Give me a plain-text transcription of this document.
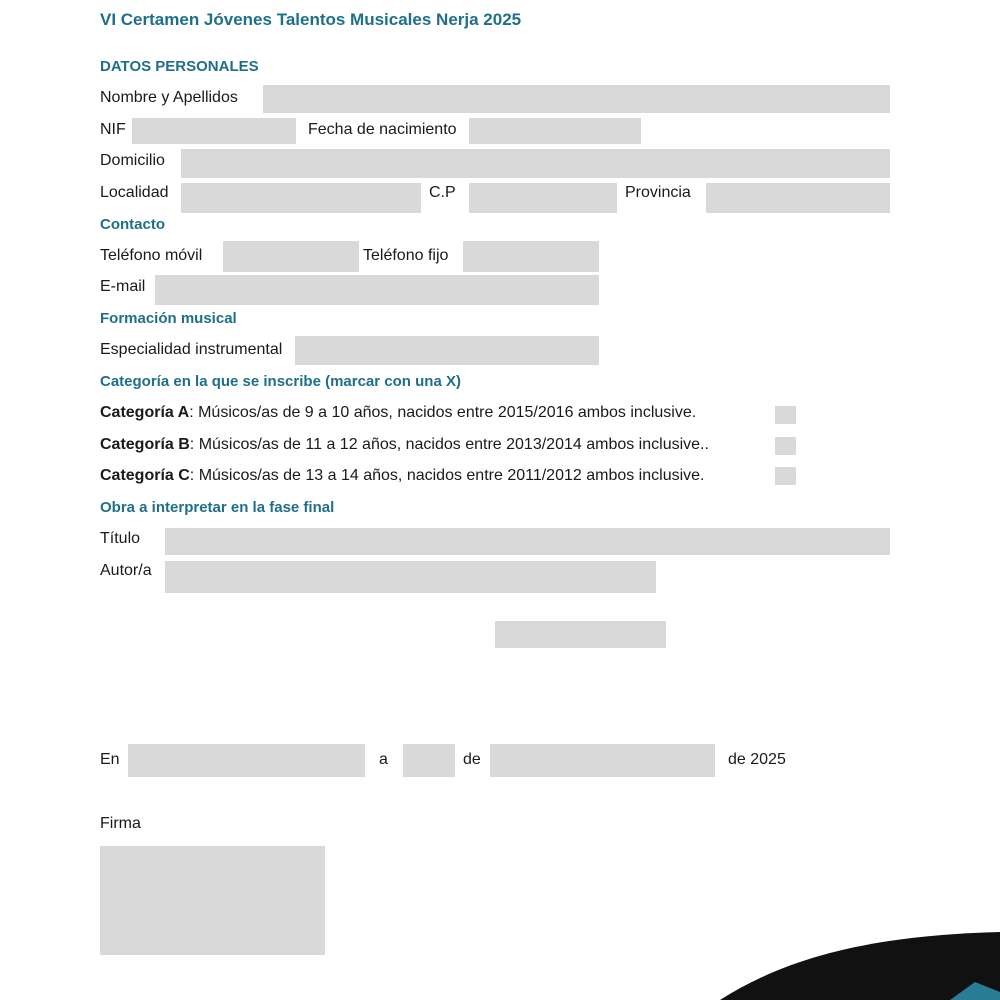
VI Certamen Jóvenes Talentos Musicales Nerja 2025
DATOS PERSONALES
Nombre y Apellidos
NIF	Fecha de nacimiento
Domicilio
Localidad	C.P	Provincia
Contacto
Teléfono móvil	Teléfono fijo
E-mail
Formación musical
Especialidad instrumental
Categoría en la que se inscribe (marcar con una X)
Categoría A: Músicos/as de 9 a 10 años, nacidos entre 2015/2016 ambos inclusive.
Categoría B: Músicos/as de 11 a 12 años, nacidos entre 2013/2014 ambos inclusive..
Categoría C: Músicos/as de 13 a 14 años, nacidos entre 2011/2012 ambos inclusive.
Obra a interpretar en la fase final
Título
Autor/a
En	a	de	de 2025
Firma
